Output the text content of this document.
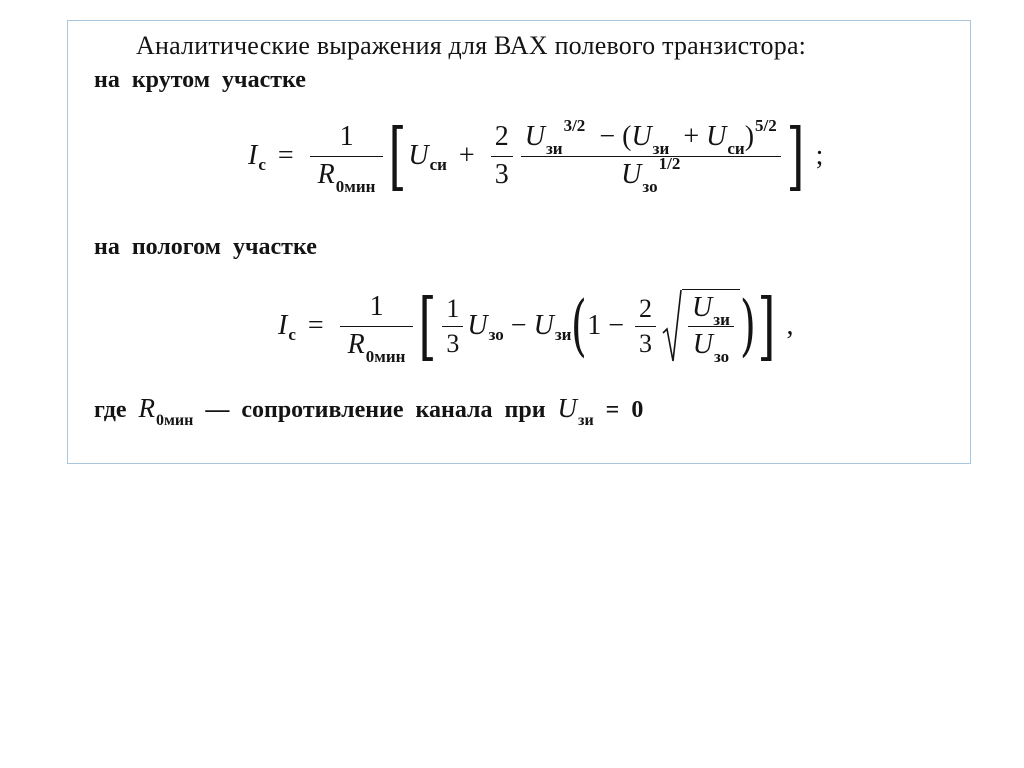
Аналитические выражения для ВАХ полевого транзистора:

на крутом участке

I $с = \frac{1}{R_{0мин}}$ [ U си + $\frac{2}{3} \frac{U_{зи}^{3/2} - (U_{зи} + U_{си})^{5/2}}{U_{зо}^{1/2}}$ ] ;

на пологом участке

I $с = \frac{1}{R_{0мин}}$ [ $\frac{1}{3}$ U зо − U зи ( $1 - \frac{2}{3} \frac{U_{зи}}{U_{зо}}$ ) ] ,

где $R_{0мин}$ — сопротивление канала при $U_{зи} = 0$
